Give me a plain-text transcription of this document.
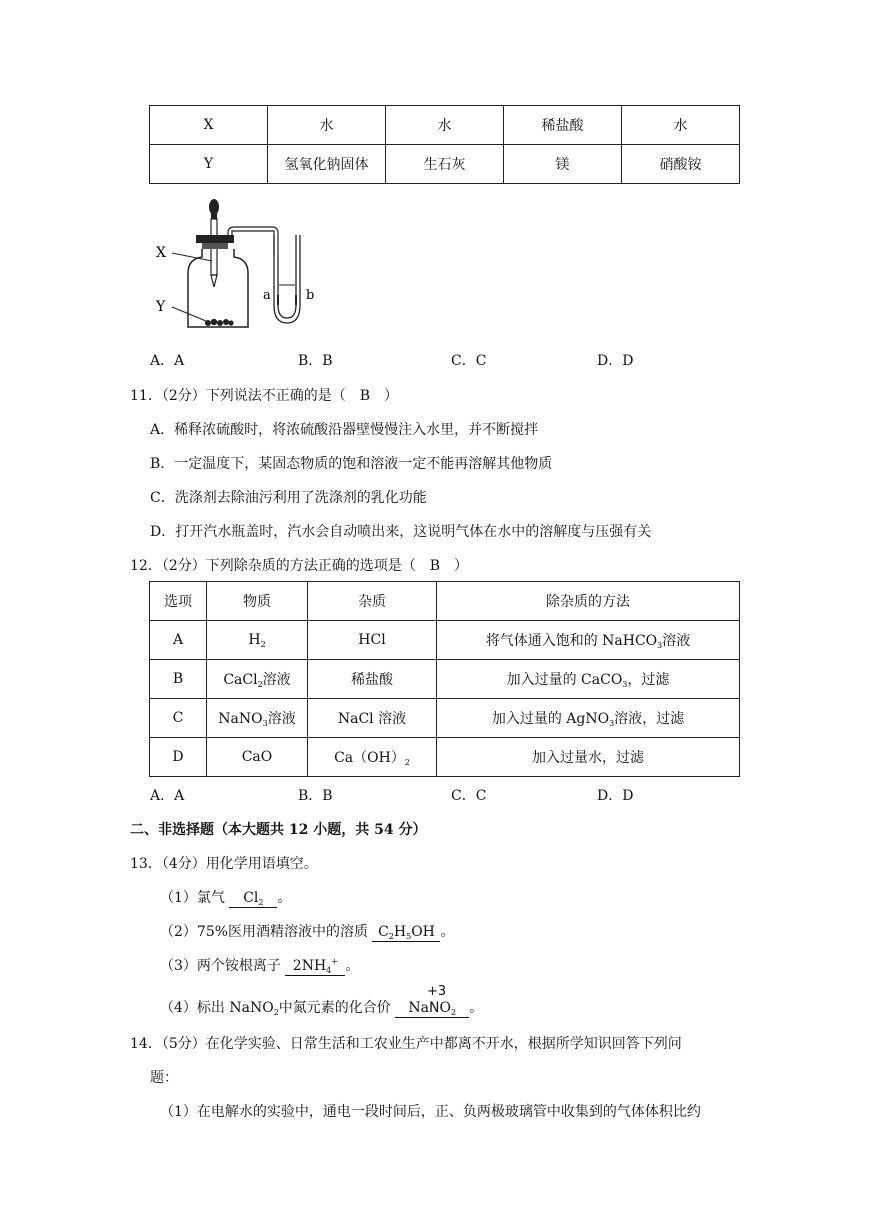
X	水	水	稀盐酸	水
Y	氢氧化钠固体	生石灰	镁	硝酸铵
X
Y
a	b
A．A	B．B	C．C	D．D
11．（2分）下列说法不正确的是（　B　）
A．稀释浓硫酸时，将浓硫酸沿器壁慢慢注入水里，并不断搅拌
B．一定温度下，某固态物质的饱和溶液一定不能再溶解其他物质
C．洗涤剂去除油污利用了洗涤剂的乳化功能
D．打开汽水瓶盖时，汽水会自动喷出来，这说明气体在水中的溶解度与压强有关
12．（2分）下列除杂质的方法正确的选项是（　B　）
选项	物质	杂质	除杂质的方法
A	$H_2$	HCl	将气体通入饱和的 NaHCO$_3$溶液
B	CaCl$_2$溶液	稀盐酸	加入过量的 CaCO$_3$，过滤
C	NaNO$_3$溶液	NaCl 溶液	加入过量的 AgNO$_3$溶液，过滤
D	CaO	$Ca(OH)_2$	加入过量水，过滤
A．A	B．B	C．C	D．D
二、非选择题（本大题共 12 小题，共 54 分）
13．（4分）用化学用语填空。
（1）氯气 $Cl_2$ 。
（2）75%医用酒精溶液中的溶质 $C_2H_5OH$ 。
（3）两个铵根离子 $2NH_4^+$ 。
（4）标出 NaNO$_2$中氮元素的化合价 Na
+3
$NO_2$ 。
14．（5分）在化学实验、日常生活和工农业生产中都离不开水，根据所学知识回答下列问
题：
（1）在电解水的实验中，通电一段时间后，正、负两极玻璃管中收集到的气体体积比约
